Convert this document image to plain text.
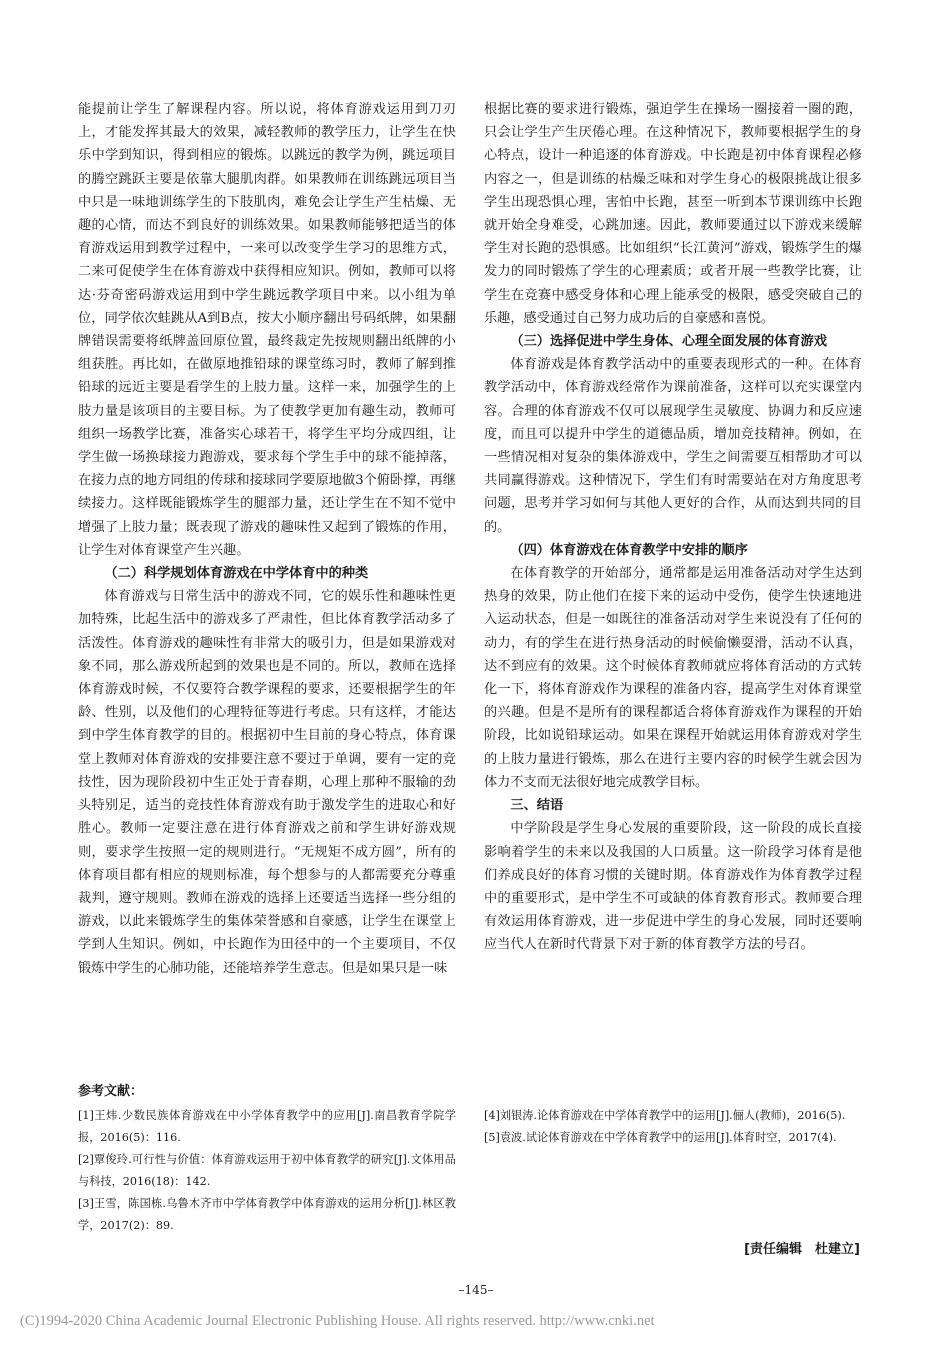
能提前让学生了解课程内容。所以说，将体育游戏运用到刀刃上，才能发挥其最大的效果，减轻教师的教学压力，让学生在快乐中学到知识，得到相应的锻炼。以跳远的教学为例，跳远项目的腾空跳跃主要是依靠大腿肌肉群。如果教师在训练跳远项目当中只是一味地训练学生的下肢肌肉，难免会让学生产生枯燥、无趣的心情，而达不到良好的训练效果。如果教师能够把适当的体育游戏运用到教学过程中，一来可以改变学生学习的思维方式，二来可促使学生在体育游戏中获得相应知识。例如，教师可以将达·芬奇密码游戏运用到中学生跳远教学项目中来。以小组为单位，同学依次蛙跳从A到B点，按大小顺序翻出号码纸牌，如果翻牌错误需要将纸牌盖回原位置，最终裁定先按规则翻出纸牌的小组获胜。再比如，在做原地推铅球的课堂练习时，教师了解到推铅球的远近主要是看学生的上肢力量。这样一来，加强学生的上肢力量是该项目的主要目标。为了使教学更加有趣生动，教师可组织一场教学比赛，准备实心球若干，将学生平均分成四组，让学生做一场换球接力跑游戏，要求每个学生手中的球不能掉落，在接力点的地方同组的传球和接球同学要原地做3个俯卧撑，再继续接力。这样既能锻炼学生的腿部力量，还让学生在不知不觉中增强了上肢力量；既表现了游戏的趣味性又起到了锻炼的作用，让学生对体育课堂产生兴趣。

（二）科学规划体育游戏在中学体育中的种类

体育游戏与日常生活中的游戏不同，它的娱乐性和趣味性更加特殊，比起生活中的游戏多了严肃性，但比体育教学活动多了活泼性。体育游戏的趣味性有非常大的吸引力，但是如果游戏对象不同，那么游戏所起到的效果也是不同的。所以，教师在选择体育游戏时候，不仅要符合教学课程的要求，还要根据学生的年龄、性别，以及他们的心理特征等进行考虑。只有这样，才能达到中学生体育教学的目的。根据初中生目前的身心特点，体育课堂上教师对体育游戏的安排要注意不要过于单调，要有一定的竞技性，因为现阶段初中生正处于青春期，心理上那种不服输的劲头特别足，适当的竞技性体育游戏有助于激发学生的进取心和好胜心。教师一定要注意在进行体育游戏之前和学生讲好游戏规则，要求学生按照一定的规则进行。“无规矩不成方圆”，所有的体育项目都有相应的规则标准，每个想参与的人都需要充分尊重裁判，遵守规则。教师在游戏的选择上还要适当选择一些分组的游戏，以此来锻炼学生的集体荣誉感和自豪感，让学生在课堂上学到人生知识。例如，中长跑作为田径中的一个主要项目，不仅锻炼中学生的心肺功能，还能培养学生意志。但是如果只是一味

根据比赛的要求进行锻炼，强迫学生在操场一圈接着一圈的跑，只会让学生产生厌倦心理。在这种情况下，教师要根据学生的身心特点，设计一种追逐的体育游戏。中长跑是初中体育课程必修内容之一，但是训练的枯燥乏味和对学生身心的极限挑战让很多学生出现恐惧心理，害怕中长跑，甚至一听到本节课训练中长跑就开始全身难受，心跳加速。因此，教师要通过以下游戏来缓解学生对长跑的恐惧感。比如组织“长江黄河”游戏，锻炼学生的爆发力的同时锻炼了学生的心理素质；或者开展一些教学比赛，让学生在竞赛中感受身体和心理上能承受的极限，感受突破自己的乐趣，感受通过自己努力成功后的自豪感和喜悦。

（三）选择促进中学生身体、心理全面发展的体育游戏

体育游戏是体育教学活动中的重要表现形式的一种。在体育教学活动中，体育游戏经常作为课前准备，这样可以充实课堂内容。合理的体育游戏不仅可以展现学生灵敏度、协调力和反应速度，而且可以提升中学生的道德品质，增加竞技精神。例如，在一些情况相对复杂的集体游戏中，学生之间需要互相帮助才可以共同赢得游戏。这种情况下，学生们有时需要站在对方角度思考问题，思考并学习如何与其他人更好的合作，从而达到共同的目的。

（四）体育游戏在体育教学中安排的顺序

在体育教学的开始部分，通常都是运用准备活动对学生达到热身的效果，防止他们在接下来的运动中受伤，使学生快速地进入运动状态，但是一如既往的准备活动对学生来说没有了任何的动力，有的学生在进行热身活动的时候偷懒耍滑，活动不认真，达不到应有的效果。这个时候体育教师就应将体育活动的方式转化一下，将体育游戏作为课程的准备内容，提高学生对体育课堂的兴趣。但是不是所有的课程都适合将体育游戏作为课程的开始阶段，比如说铅球运动。如果在课程开始就运用体育游戏对学生的上肢力量进行锻炼，那么在进行主要内容的时候学生就会因为体力不支而无法很好地完成教学目标。

三、结语

中学阶段是学生身心发展的重要阶段，这一阶段的成长直接影响着学生的未来以及我国的人口质量。这一阶段学习体育是他们养成良好的体育习惯的关键时期。体育游戏作为体育教学过程中的重要形式，是中学生不可或缺的体育教育形式。教师要合理有效运用体育游戏，进一步促进中学生的身心发展，同时还要响应当代人在新时代背景下对于新的体育教学方法的号召。

参考文献：

[1]王炜.少数民族体育游戏在中小学体育教学中的应用[J].南昌教育学院学报，2016(5)：116.

[2]覃俊玲.可行性与价值：体育游戏运用于初中体育教学的研究[J].文体用品与科技，2016(18)：142.

[3]王雪，陈国栋.乌鲁木齐市中学体育教学中体育游戏的运用分析[J].林区教学，2017(2)：89.

[4]刘银涛.论体育游戏在中学体育教学中的运用[J].俪人(教师)，2016(5).

[5]袁波.试论体育游戏在中学体育教学中的运用[J].体育时空，2017(4).

[责任编辑　杜建立]
–145–
(C)1994-2020 China Academic Journal Electronic Publishing House. All rights reserved. http://www.cnki.net
